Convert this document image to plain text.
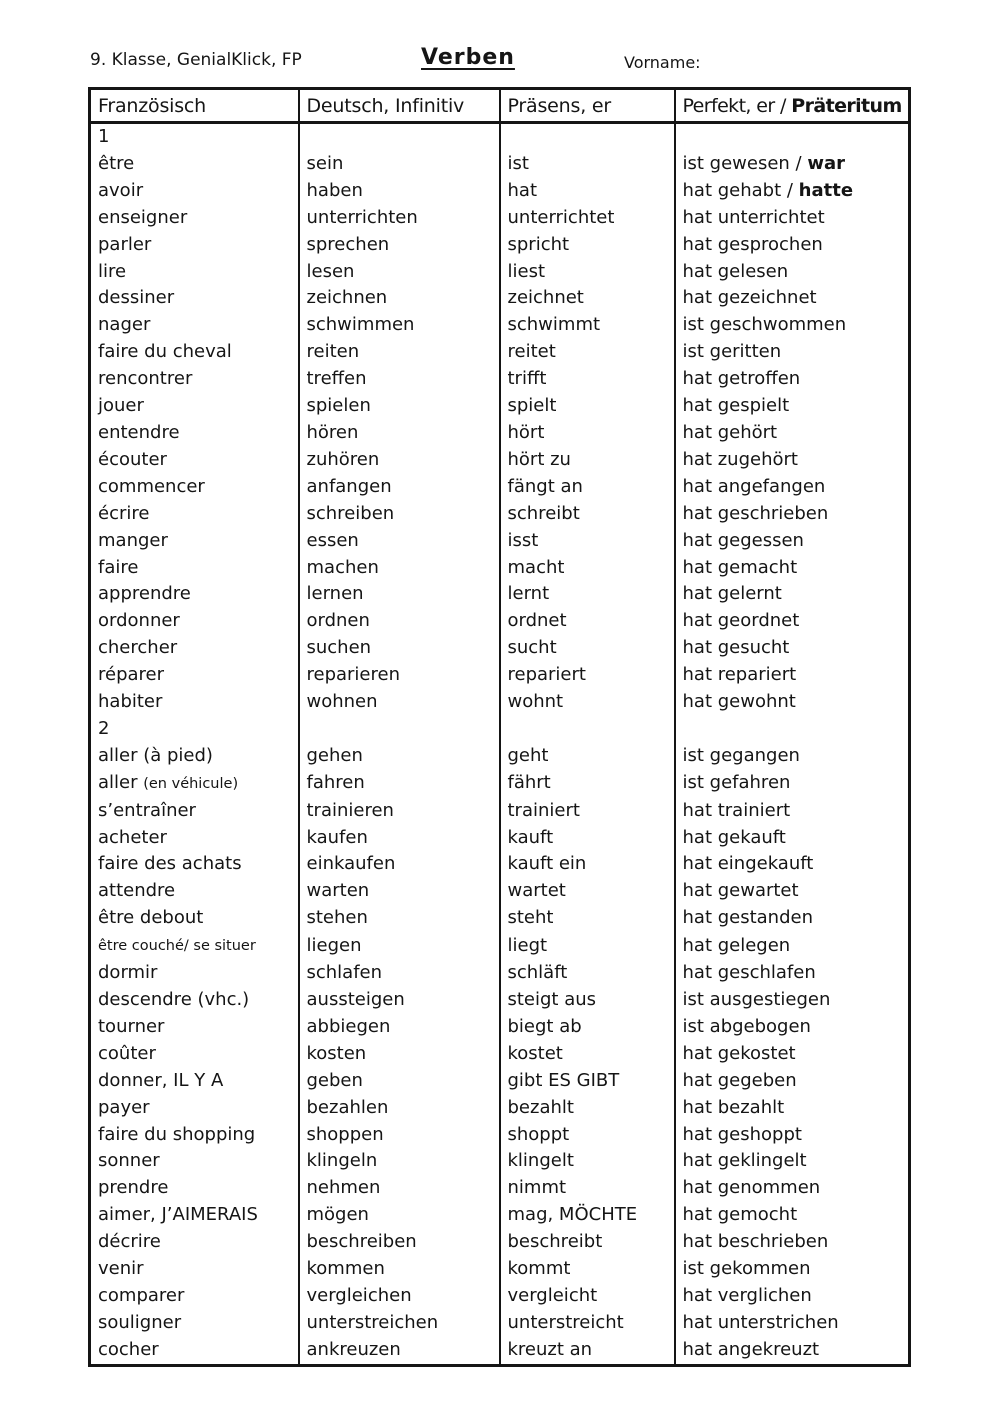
9. Klasse, GenialKlick, FP	Verben	Vorname:
Französisch	Deutsch, Infinitiv	Präsens, er	Perfekt, er / Präteritum
1			
être	sein	ist	ist gewesen / war
avoir	haben	hat	hat gehabt / hatte
enseigner	unterrichten	unterrichtet	hat unterrichtet
parler	sprechen	spricht	hat gesprochen
lire	lesen	liest	hat gelesen
dessiner	zeichnen	zeichnet	hat gezeichnet
nager	schwimmen	schwimmt	ist geschwommen
faire du cheval	reiten	reitet	ist geritten
rencontrer	treffen	trifft	hat getroffen
jouer	spielen	spielt	hat gespielt
entendre	hören	hört	hat gehört
écouter	zuhören	hört zu	hat zugehört
commencer	anfangen	fängt an	hat angefangen
écrire	schreiben	schreibt	hat geschrieben
manger	essen	isst	hat gegessen
faire	machen	macht	hat gemacht
apprendre	lernen	lernt	hat gelernt
ordonner	ordnen	ordnet	hat geordnet
chercher	suchen	sucht	hat gesucht
réparer	reparieren	repariert	hat repariert
habiter	wohnen	wohnt	hat gewohnt
2			
aller (à pied)	gehen	geht	ist gegangen
aller (en véhicule)	fahren	fährt	ist gefahren
s’entraîner	trainieren	trainiert	hat trainiert
acheter	kaufen	kauft	hat gekauft
faire des achats	einkaufen	kauft ein	hat eingekauft
attendre	warten	wartet	hat gewartet
être debout	stehen	steht	hat gestanden
être couché/ se situer	liegen	liegt	hat gelegen
dormir	schlafen	schläft	hat geschlafen
descendre (vhc.)	aussteigen	steigt aus	ist ausgestiegen
tourner	abbiegen	biegt ab	ist abgebogen
coûter	kosten	kostet	hat gekostet
donner, IL Y A	geben	gibt ES GIBT	hat gegeben
payer	bezahlen	bezahlt	hat bezahlt
faire du shopping	shoppen	shoppt	hat geshoppt
sonner	klingeln	klingelt	hat geklingelt
prendre	nehmen	nimmt	hat genommen
aimer, J’AIMERAIS	mögen	mag, MÖCHTE	hat gemocht
décrire	beschreiben	beschreibt	hat beschrieben
venir	kommen	kommt	ist gekommen
comparer	vergleichen	vergleicht	hat verglichen
souligner	unterstreichen	unterstreicht	hat unterstrichen
cocher	ankreuzen	kreuzt an	hat angekreuzt
